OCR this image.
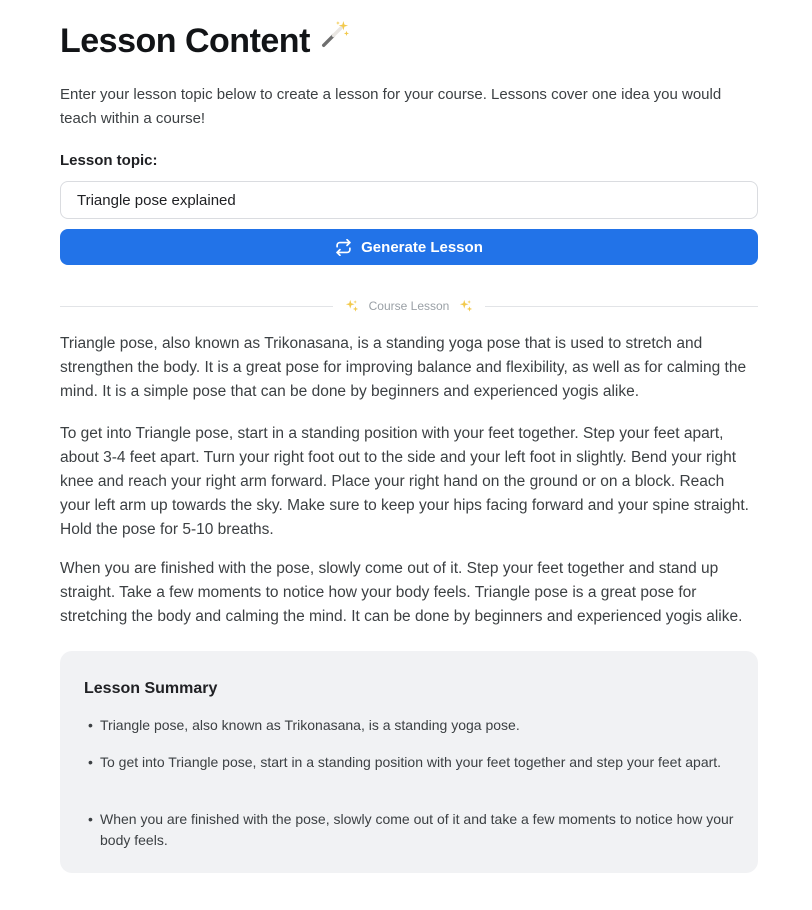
Lesson Content

Enter your lesson topic below to create a lesson for your course. Lessons cover one idea you would teach within a course!

Lesson topic:
Triangle pose explained
Generate Lesson
Course Lesson

Triangle pose, also known as Trikonasana, is a standing yoga pose that is used to stretch and strengthen the body. It is a great pose for improving balance and flexibility, as well as for calming the mind. It is a simple pose that can be done by beginners and experienced yogis alike.

To get into Triangle pose, start in a standing position with your feet together. Step your feet apart, about 3-4 feet apart. Turn your right foot out to the side and your left foot in slightly. Bend your right knee and reach your right arm forward. Place your right hand on the ground or on a block. Reach your left arm up towards the sky. Make sure to keep your hips facing forward and your spine straight. Hold the pose for 5-10 breaths.

When you are finished with the pose, slowly come out of it. Step your feet together and stand up straight. Take a few moments to notice how your body feels. Triangle pose is a great pose for stretching the body and calming the mind. It can be done by beginners and experienced yogis alike.

Lesson Summary
• Triangle pose, also known as Trikonasana, is a standing yoga pose.
• To get into Triangle pose, start in a standing position with your feet together and step your feet apart.
• When you are finished with the pose, slowly come out of it and take a few moments to notice how your body feels.
